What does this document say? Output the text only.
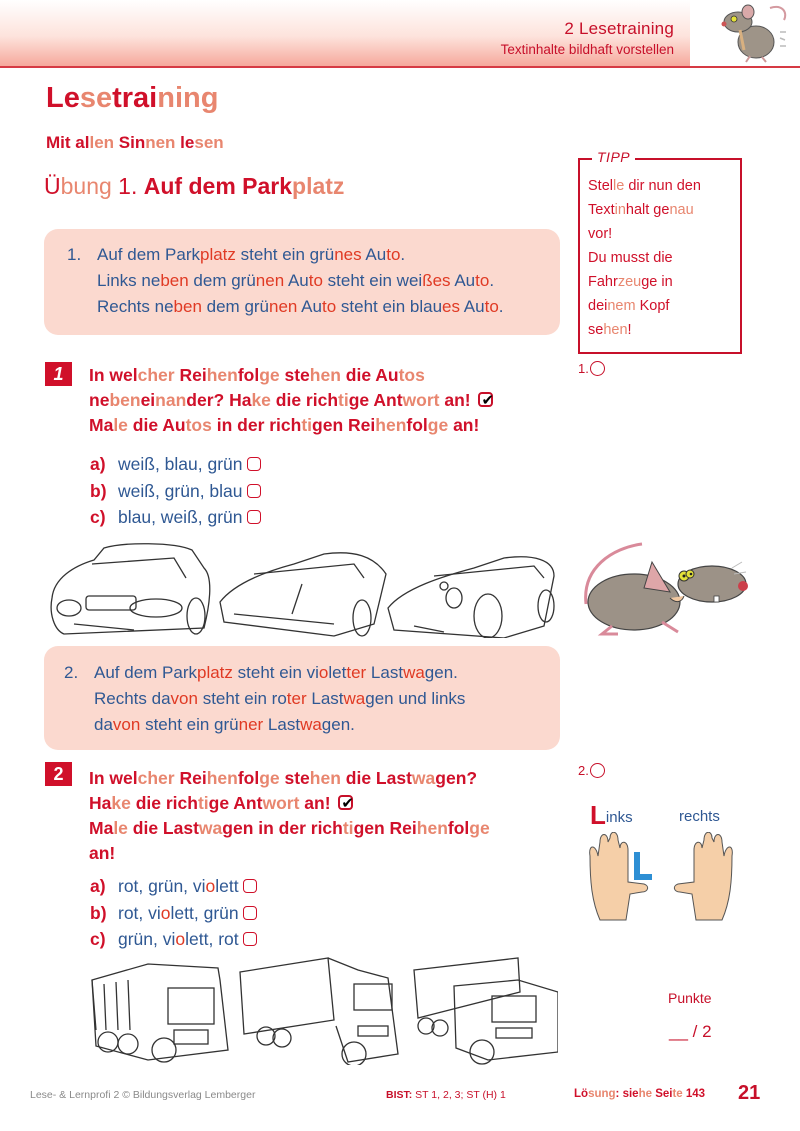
2 Lesetraining
Textinhalte bildhaft vorstellen
Lesetraining
Mit allen Sinnen lesen
Übung 1. Auf dem Parkplatz
1. Auf dem Parkplatz steht ein grünes Auto.
Links neben dem grünen Auto steht ein weißes Auto.
Rechts neben dem grünen Auto steht ein blaues Auto.
1	In welcher Reihenfolge stehen die Autos
nebeneinander? Hake die richtige Antwort an! ✔
Male die Autos in der richtigen Reihenfolge an!
a) weiß, blau, grün
b) weiß, grün, blau
c) blau, weiß, grün
2. Auf dem Parkplatz steht ein violetter Lastwagen.
Rechts davon steht ein roter Lastwagen und links
davon steht ein grüner Lastwagen.
2	In welcher Reihenfolge stehen die Lastwagen?
Hake die richtige Antwort an! ✔
Male die Lastwagen in der richtigen Reihenfolge
an!
a) rot, grün, violett
b) rot, violett, grün
c) grün, violett, rot
TIPP
Stelle dir nun den
Textinhalt genau
vor!
Du musst die
Fahrzeuge in
deinem Kopf
sehen!
1.
2.
Links	rechts
Punkte
__ / 2
Lese- & Lernprofi 2 © Bildungsverlag Lemberger	BIST: ST 1, 2, 3; ST (H) 1	Lösung: siehe Seite 143 21
